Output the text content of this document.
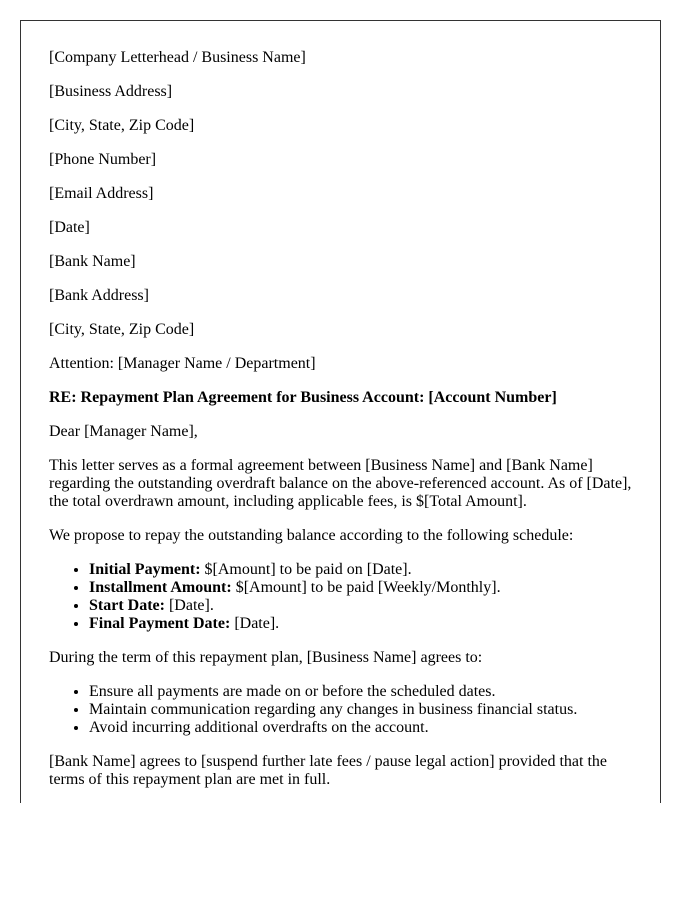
[Company Letterhead / Business Name]

[Business Address]

[City, State, Zip Code]

[Phone Number]

[Email Address]

[Date]

[Bank Name]

[Bank Address]

[City, State, Zip Code]

Attention: [Manager Name / Department]

RE: Repayment Plan Agreement for Business Account: [Account Number]

Dear [Manager Name],

This letter serves as a formal agreement between [Business Name] and [Bank Name] regarding the outstanding overdraft balance on the above-referenced account. As of [Date], the total overdrawn amount, including applicable fees, is $[Total Amount].

We propose to repay the outstanding balance according to the following schedule:

• Initial Payment: $[Amount] to be paid on [Date].
• Installment Amount: $[Amount] to be paid [Weekly/Monthly].
• Start Date: [Date].
• Final Payment Date: [Date].

During the term of this repayment plan, [Business Name] agrees to:

• Ensure all payments are made on or before the scheduled dates.
• Maintain communication regarding any changes in business financial status.
• Avoid incurring additional overdrafts on the account.

[Bank Name] agrees to [suspend further late fees / pause legal action] provided that the terms of this repayment plan are met in full.
